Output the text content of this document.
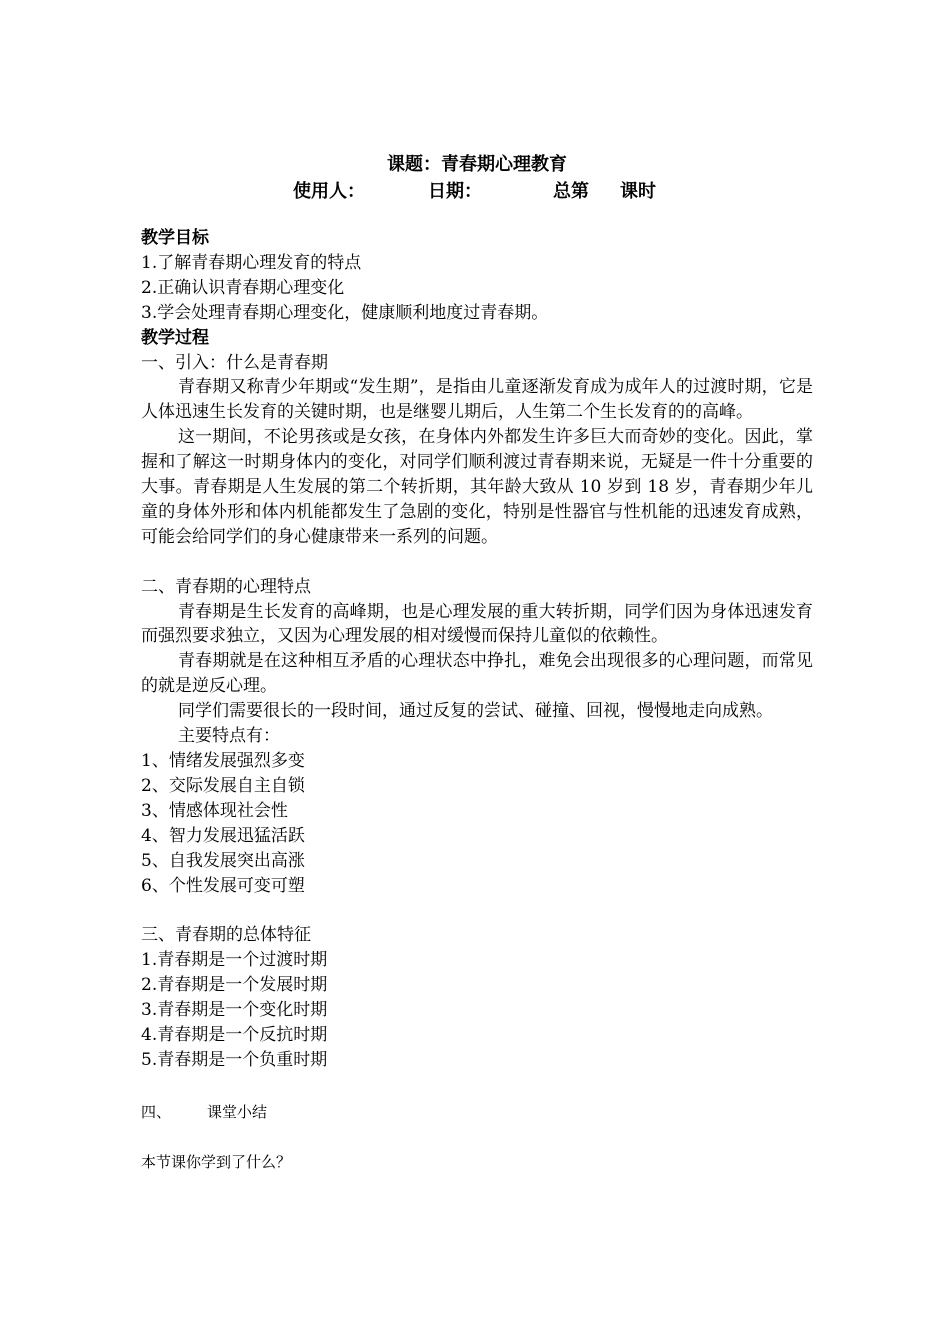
课题：青春期心理教育
使用人：	日期：	总第 课时

教学目标

1.了解青春期心理发育的特点

2.正确认识青春期心理变化

3.学会处理青春期心理变化，健康顺利地度过青春期。

教学过程

一、引入：什么是青春期

青春期又称青少年期或“发生期”，是指由儿童逐渐发育成为成年人的过渡时期，它是人体迅速生长发育的关键时期，也是继婴儿期后，人生第二个生长发育的的高峰。

这一期间，不论男孩或是女孩，在身体内外都发生许多巨大而奇妙的变化。因此，掌握和了解这一时期身体内的变化，对同学们顺利渡过青春期来说，无疑是一件十分重要的大事。青春期是人生发展的第二个转折期，其年龄大致从 10 岁到 18 岁，青春期少年儿童的身体外形和体内机能都发生了急剧的变化，特别是性器官与性机能的迅速发育成熟，可能会给同学们的身心健康带来一系列的问题。

二、青春期的心理特点

青春期是生长发育的高峰期，也是心理发展的重大转折期，同学们因为身体迅速发育而强烈要求独立，又因为心理发展的相对缓慢而保持儿童似的依赖性。

青春期就是在这种相互矛盾的心理状态中挣扎，难免会出现很多的心理问题，而常见的就是逆反心理。

同学们需要很长的一段时间，通过反复的尝试、碰撞、回视，慢慢地走向成熟。

主要特点有：

1、情绪发展强烈多变

2、交际发展自主自锁

3、情感体现社会性

4、智力发展迅猛活跃

5、自我发展突出高涨

6、个性发展可变可塑

三、青春期的总体特征

1.青春期是一个过渡时期

2.青春期是一个发展时期

3.青春期是一个变化时期

4.青春期是一个反抗时期

5.青春期是一个负重时期

四、 课堂小结

本节课你学到了什么？
